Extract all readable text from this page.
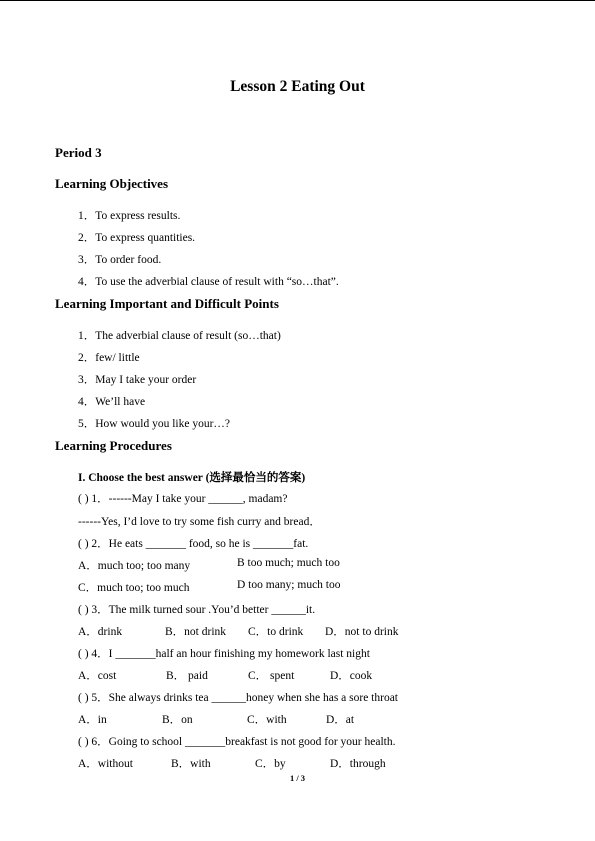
Lesson 2 Eating Out
Period 3
Learning Objectives
1．To express results.
2．To express quantities.
3．To order food.
4．To use the adverbial clause of result with “so…that”.
Learning Important and Difficult Points
1．The adverbial clause of result (so…that)
2．few/ little
3．May I take your order
4．We’ll have
5．How would you like your…?
Learning Procedures
I. Choose the best answer (选择最恰当的答案)
( ) 1．------May I take your ______, madam?
------Yes, I’d love to try some fish curry and bread．
( ) 2．He eats _______ food, so he is _______fat.
A．much too; too many	B too much; much too
C．much too; too much	D too many; much too
( ) 3．The milk turned sour .You’d better ______it.
A．drink	B．not drink C．to drink D．not to drink
( ) 4．I _______half an hour finishing my homework last night
A．cost	B． paid	C． spent	D．cook
( ) 5．She always drinks tea ______honey when she has a sore throat
A．in	B．on	C．with	D．at
( ) 6．Going to school _______breakfast is not good for your health.
A．without	B．with	C．by	D．through
1 / 3
